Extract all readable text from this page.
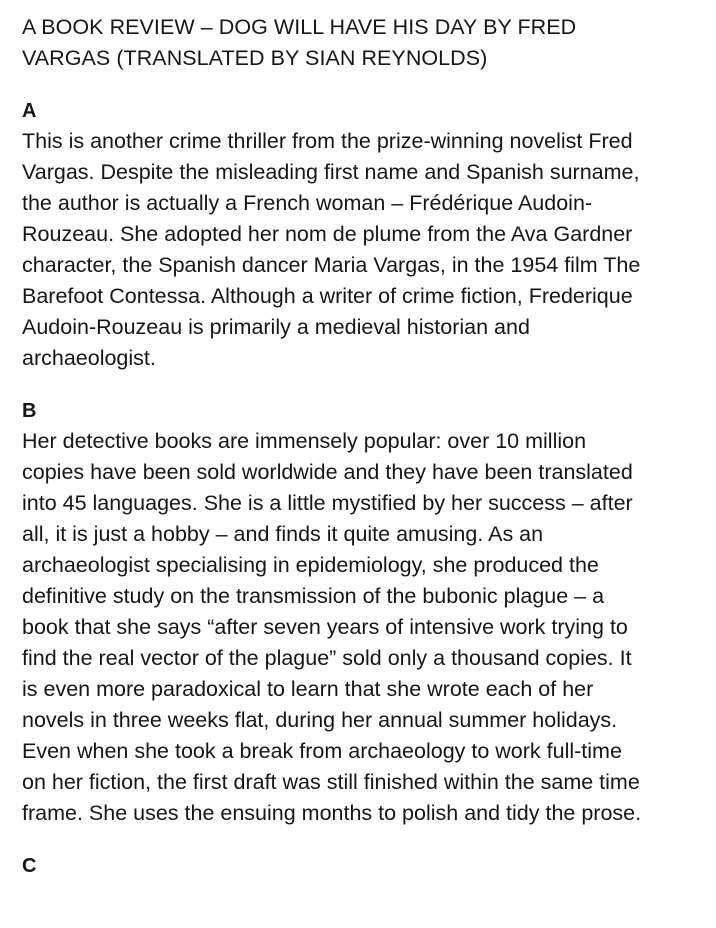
A BOOK REVIEW – DOG WILL HAVE HIS DAY BY FRED
VARGAS (TRANSLATED BY SIAN REYNOLDS)

A

This is another crime thriller from the prize-winning novelist Fred
Vargas. Despite the misleading first name and Spanish surname,
the author is actually a French woman – Frédérique Audoin-
Rouzeau. She adopted her nom de plume from the Ava Gardner
character, the Spanish dancer Maria Vargas, in the 1954 film The
Barefoot Contessa. Although a writer of crime fiction, Frederique
Audoin-Rouzeau is primarily a medieval historian and
archaeologist.

B

Her detective books are immensely popular: over 10 million
copies have been sold worldwide and they have been translated
into 45 languages. She is a little mystified by her success – after
all, it is just a hobby – and finds it quite amusing. As an
archaeologist specialising in epidemiology, she produced the
definitive study on the transmission of the bubonic plague – a
book that she says “after seven years of intensive work trying to
find the real vector of the plague” sold only a thousand copies. It
is even more paradoxical to learn that she wrote each of her
novels in three weeks flat, during her annual summer holidays.
Even when she took a break from archaeology to work full-time
on her fiction, the first draft was still finished within the same time
frame. She uses the ensuing months to polish and tidy the prose.

C
